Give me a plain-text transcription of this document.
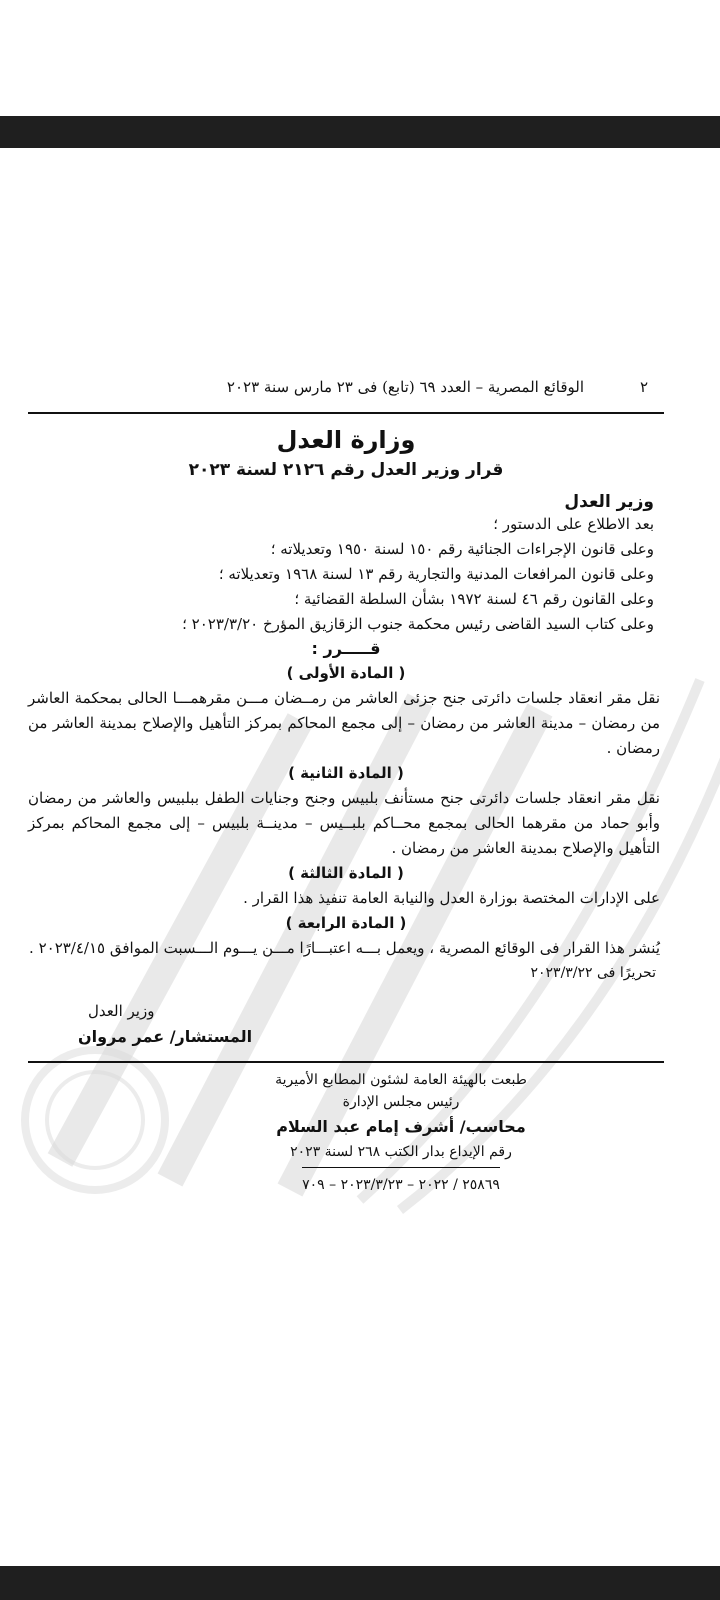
٢
الوقائع المصرية – العدد ٦٩ (تابع) فى ٢٣ مارس سنة ٢٠٢٣
وزارة العدل
قرار وزير العدل رقم ٢١٢٦ لسنة ٢٠٢٣
وزير العدل
بعد الاطلاع على الدستور ؛
وعلى قانون الإجراءات الجنائية رقم ١٥٠ لسنة ١٩٥٠ وتعديلاته ؛
وعلى قانون المرافعات المدنية والتجارية رقم ١٣ لسنة ١٩٦٨ وتعديلاته ؛
وعلى القانون رقم ٤٦ لسنة ١٩٧٢ بشأن السلطة القضائية ؛
وعلى كتاب السيد القاضى رئيس محكمة جنوب الزقازيق المؤرخ ٢٠٢٣/٣/٢٠ ؛
قـــــرر :
( المادة الأولى )
نقل مقر انعقاد جلسات دائرتى جنح جزئى العاشر من رمــضان مـــن مقرهمـــا الحالى بمحكمة العاشر من رمضان – مدينة العاشر من رمضان – إلى مجمع المحاكم بمركز التأهيل والإصلاح بمدينة العاشر من رمضان .
( المادة الثانية )
نقل مقر انعقاد جلسات دائرتى جنح مستأنف بلبيس وجنح وجنايات الطفل ببلبيس والعاشر من رمضان وأبو حماد من مقرهما الحالى بمجمع محــاكم بلبــيس – مدينــة بلبيس – إلى مجمع المحاكم بمركز التأهيل والإصلاح بمدينة العاشر من رمضان .
( المادة الثالثة )
على الإدارات المختصة بوزارة العدل والنيابة العامة تنفيذ هذا القرار .
( المادة الرابعة )
يُنشر هذا القرار فى الوقائع المصرية ، ويعمل بـــه اعتبـــارًا مـــن يـــوم الـــسبت الموافق ٢٠٢٣/٤/١٥ .
تحريرًا فى ٢٠٢٣/٣/٢٢
وزير العدل
المستشار/ عمر مروان
طبعت بالهيئة العامة لشئون المطابع الأميرية
رئيس مجلس الإدارة
محاسب/ أشرف إمام عبد السلام
رقم الإيداع بدار الكتب ٢٦٨ لسنة ٢٠٢٣
٢٥٨٦٩ / ٢٠٢٢ – ٢٠٢٣/٣/٢٣ – ٧٠٩
